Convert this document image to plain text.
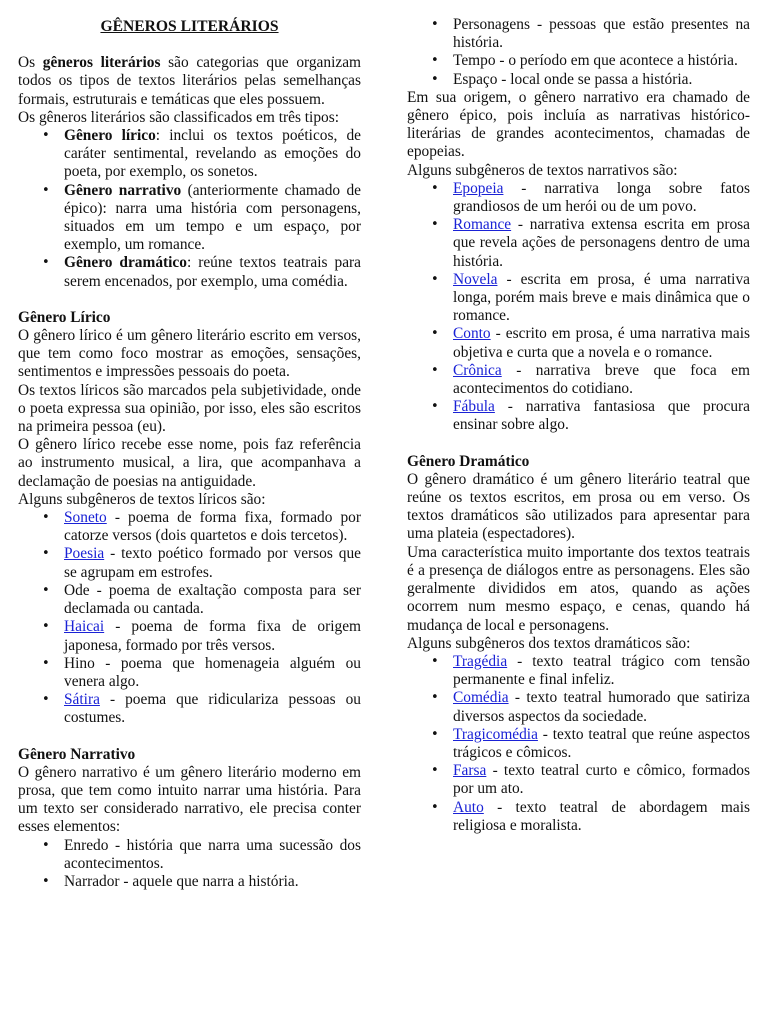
GÊNEROS LITERÁRIOS

Os gêneros literários são categorias que organizam todos os tipos de textos literários pelas semelhanças formais, estruturais e temáticas que eles possuem.

Os gêneros literários são classificados em três tipos:

• Gênero lírico: inclui os textos poéticos, de caráter sentimental, revelando as emoções do poeta, por exemplo, os sonetos.
• Gênero narrativo (anteriormente chamado de épico): narra uma história com personagens, situados em um tempo e um espaço, por exemplo, um romance.
• Gênero dramático: reúne textos teatrais para serem encenados, por exemplo, uma comédia.
Gênero Lírico

O gênero lírico é um gênero literário escrito em versos, que tem como foco mostrar as emoções, sensações, sentimentos e impressões pessoais do poeta.

Os textos líricos são marcados pela subjetividade, onde o poeta expressa sua opinião, por isso, eles são escritos na primeira pessoa (eu).

O gênero lírico recebe esse nome, pois faz referência ao instrumento musical, a lira, que acompanhava a declamação de poesias na antiguidade.

Alguns subgêneros de textos líricos são:

• Soneto - poema de forma fixa, formado por catorze versos (dois quartetos e dois tercetos).
• Poesia - texto poético formado por versos que se agrupam em estrofes.
• Ode - poema de exaltação composta para ser declamada ou cantada.
• Haicai - poema de forma fixa de origem japonesa, formado por três versos.
• Hino - poema que homenageia alguém ou venera algo.
• Sátira - poema que ridiculariza pessoas ou costumes.
Gênero Narrativo

O gênero narrativo é um gênero literário moderno em prosa, que tem como intuito narrar uma história. Para um texto ser considerado narrativo, ele precisa conter esses elementos:

• Enredo - história que narra uma sucessão dos acontecimentos.
• Narrador - aquele que narra a história.
• Personagens - pessoas que estão presentes na história.
• Tempo - o período em que acontece a história.
• Espaço - local onde se passa a história.

Em sua origem, o gênero narrativo era chamado de gênero épico, pois incluía as narrativas histórico-literárias de grandes acontecimentos, chamadas de epopeias.

Alguns subgêneros de textos narrativos são:

• Epopeia - narrativa longa sobre fatos grandiosos de um herói ou de um povo.
• Romance - narrativa extensa escrita em prosa que revela ações de personagens dentro de uma história.
• Novela - escrita em prosa, é uma narrativa longa, porém mais breve e mais dinâmica que o romance.
• Conto - escrito em prosa, é uma narrativa mais objetiva e curta que a novela e o romance.
• Crônica - narrativa breve que foca em acontecimentos do cotidiano.
• Fábula - narrativa fantasiosa que procura ensinar sobre algo.
Gênero Dramático

O gênero dramático é um gênero literário teatral que reúne os textos escritos, em prosa ou em verso. Os textos dramáticos são utilizados para apresentar para uma plateia (espectadores).

Uma característica muito importante dos textos teatrais é a presença de diálogos entre as personagens. Eles são geralmente divididos em atos, quando as ações ocorrem num mesmo espaço, e cenas, quando há mudança de local e personagens.

Alguns subgêneros dos textos dramáticos são:

• Tragédia - texto teatral trágico com tensão permanente e final infeliz.
• Comédia - texto teatral humorado que satiriza diversos aspectos da sociedade.
• Tragicomédia - texto teatral que reúne aspectos trágicos e cômicos.
• Farsa - texto teatral curto e cômico, formados por um ato.
• Auto - texto teatral de abordagem mais religiosa e moralista.
